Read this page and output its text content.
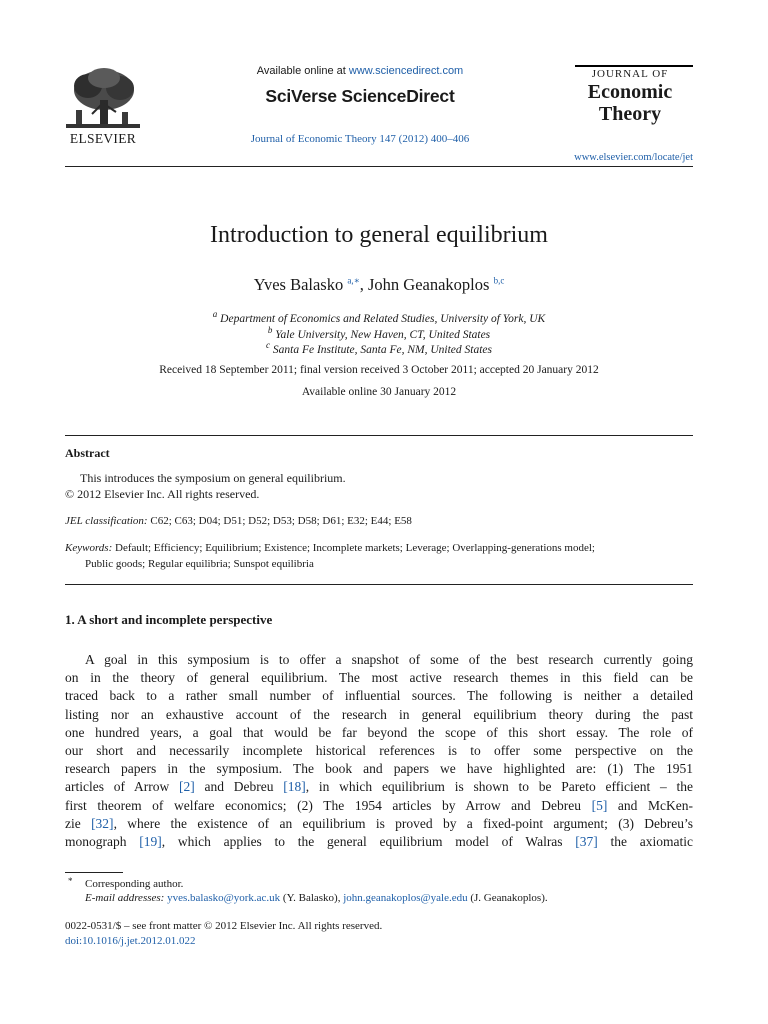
ELSEVIER
Available online at www.sciencedirect.com
SciVerse ScienceDirect
Journal of Economic Theory 147 (2012) 400–406
JOURNAL OF
Economic
Theory
www.elsevier.com/locate/jet
Introduction to general equilibrium
Yves Balasko $^{a,∗}$, John Geanakoplos $^{b,c}$
$^a$ Department of Economics and Related Studies, University of York, UK
$^b$ Yale University, New Haven, CT, United States
$^c$ Santa Fe Institute, Santa Fe, NM, United States
Received 18 September 2011; final version received 3 October 2011; accepted 20 January 2012
Available online 30 January 2012
Abstract
This introduces the symposium on general equilibrium.
© 2012 Elsevier Inc. All rights reserved.
JEL classification: C62; C63; D04; D51; D52; D53; D58; D61; E32; E44; E58
Keywords: Default; Efficiency; Equilibrium; Existence; Incomplete markets; Leverage; Overlapping-generations model;
Public goods; Regular equilibria; Sunspot equilibria
1. A short and incomplete perspective
A goal in this symposium is to offer a snapshot of some of the best research currently going
on in the theory of general equilibrium. The most active research themes in this field can be
traced back to a rather small number of influential sources. The following is neither a detailed
listing nor an exhaustive account of the research in general equilibrium theory during the past
one hundred years, a goal that would be far beyond the scope of this short essay. The role of
our short and necessarily incomplete historical references is to offer some perspective on the
research papers in the symposium. The book and papers we have highlighted are: (1) The 1951
articles of Arrow [2] and Debreu [18], in which equilibrium is shown to be Pareto efficient – the
first theorem of welfare economics; (2) The 1954 articles by Arrow and Debreu [5] and McKen-
zie [32], where the existence of an equilibrium is proved by a fixed-point argument; (3) Debreu’s
monograph [19], which applies to the general equilibrium model of Walras [37] the axiomatic
* Corresponding author.
E-mail addresses: yves.balasko@york.ac.uk (Y. Balasko), john.geanakoplos@yale.edu (J. Geanakoplos).
0022-0531/$ – see front matter © 2012 Elsevier Inc. All rights reserved.
doi:10.1016/j.jet.2012.01.022
